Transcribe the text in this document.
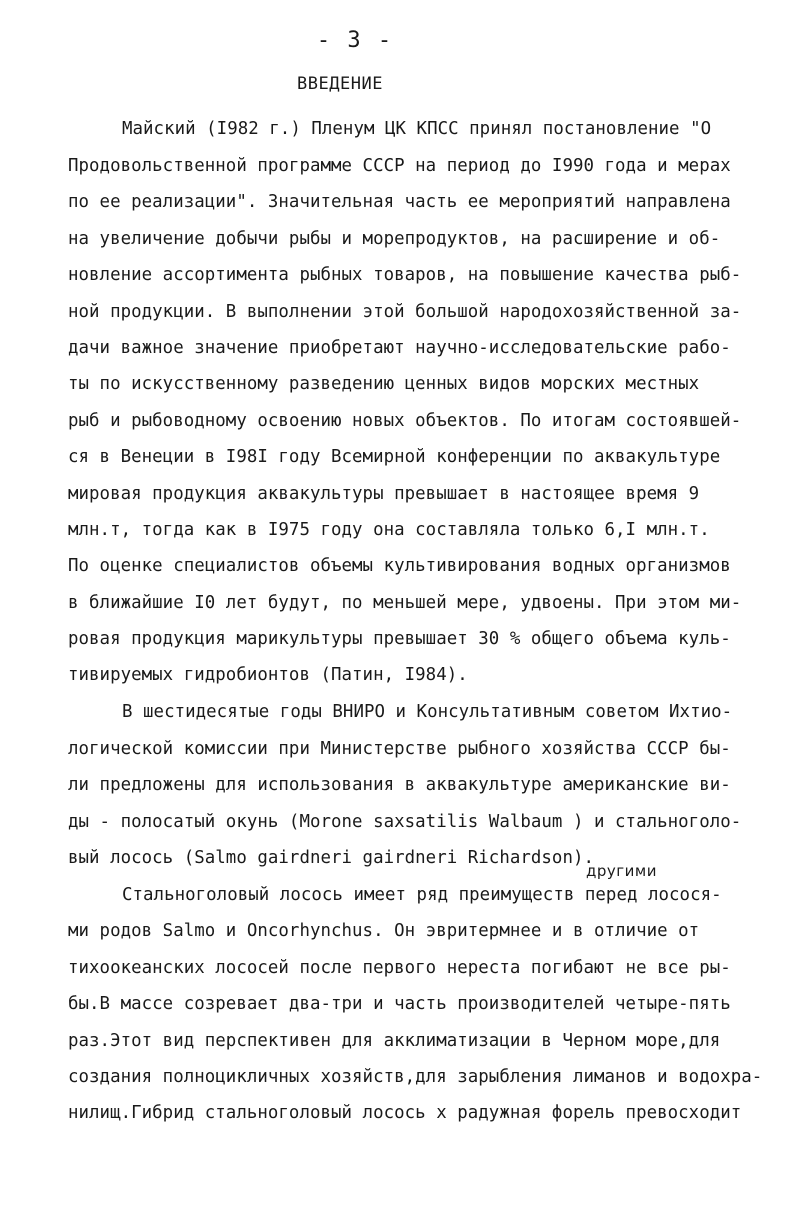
- 3 -
ВВЕДЕНИЕ
Майский (I982 г.) Пленум ЦК КПСС принял постановление "О
Продовольственной программе СССР на период до I990 года и мерах
по ее реализации". Значительная часть ее мероприятий направлена
на увеличение добычи рыбы и морепродуктов, на расширение и об-
новление ассортимента рыбных товаров, на повышение качества рыб-
ной продукции. В выполнении этой большой народохозяйственной за-
дачи важное значение приобретают научно-исследовательские рабо-
ты по искусственному разведению ценных видов морских местных
рыб и рыбоводному освоению новых объектов. По итогам состоявшей-
ся в Венеции в I98I году Всемирной конференции по аквакультуре
мировая продукция аквакультуры превышает в настоящее время 9
млн.т, тогда как в I975 году она составляла только 6,I млн.т.
По оценке специалистов объемы культивирования водных организмов
в ближайшие I0 лет будут, по меньшей мере, удвоены. При этом ми-
ровая продукция марикультуры превышает 30 % общего объема куль-
тивируемых гидробионтов (Патин, I984).
В шестидесятые годы ВНИРО и Консультативным советом Ихтио-
логической комиссии при Министерстве рыбного хозяйства СССР бы-
ли предложены для использования в аквакультуре американские ви-
ды - полосатый окунь (Morone saxsatilis Walbaum ) и стальноголо-
вый лосось (Salmo gairdneri gairdneri Richardson).
другими
Стальноголовый лосось имеет ряд преимуществ перед лосося-
ми родов Salmo и Oncorhynchus. Он эвритермнее и в отличие от
тихоокеанских лососей после первого нереста погибают не все ры-
бы.В массе созревает два-три и часть производителей четыре-пять
раз.Этот вид перспективен для акклиматизации в Черном море,для
создания полноцикличных хозяйств,для зарыбления лиманов и водохра-
нилищ.Гибрид стальноголовый лосось х радужная форель превосходит
